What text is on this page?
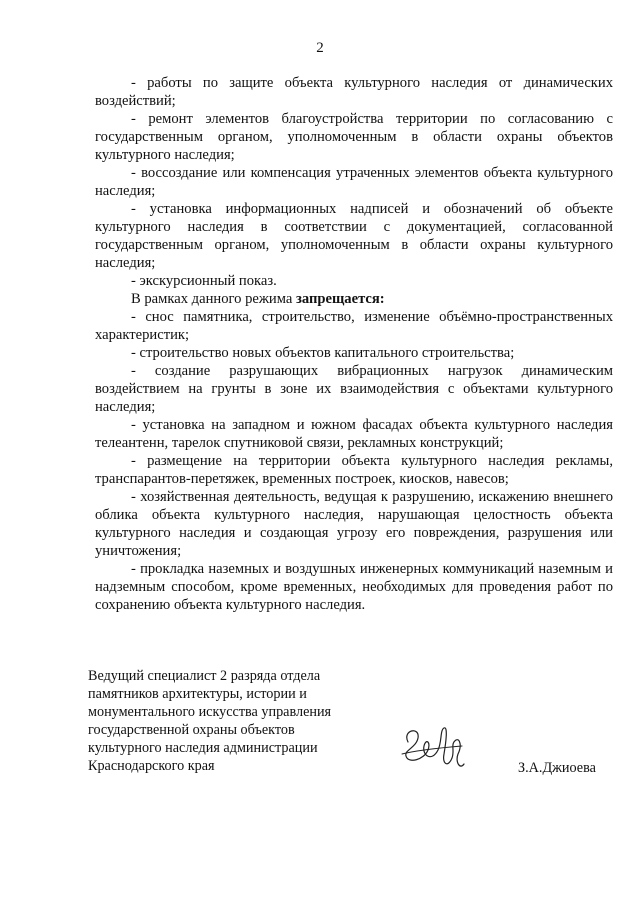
2

- работы по защите объекта культурного наследия от динамических воздействий;

- ремонт элементов благоустройства территории по согласованию с государственным органом, уполномоченным в области охраны объектов культурного наследия;

- воссоздание или компенсация утраченных элементов объекта культурного наследия;

- установка информационных надписей и обозначений об объекте культурного наследия в соответствии с документацией, согласованной государственным органом, уполномоченным в области охраны культурного наследия;

- экскурсионный показ.

В рамках данного режима запрещается:

- снос памятника, строительство, изменение объёмно-пространственных характеристик;

- строительство новых объектов капитального строительства;

- создание разрушающих вибрационных нагрузок динамическим воздействием на грунты в зоне их взаимодействия с объектами культурного наследия;

- установка на западном и южном фасадах объекта культурного наследия телеантенн, тарелок спутниковой связи, рекламных конструкций;

- размещение на территории объекта культурного наследия рекламы, транспарантов-перетяжек, временных построек, киосков, навесов;

- хозяйственная деятельность, ведущая к разрушению, искажению внешнего облика объекта культурного наследия, нарушающая целостность объекта культурного наследия и создающая угрозу его повреждения, разрушения или уничтожения;

- прокладка наземных и воздушных инженерных коммуникаций наземным и надземным способом, кроме временных, необходимых для проведения работ по сохранению объекта культурного наследия.

Ведущий специалист 2 разряда отдела
памятников архитектуры, истории и
монументального искусства управления
государственной охраны объектов
культурного наследия администрации
Краснодарского края	З.А.Джиоева
